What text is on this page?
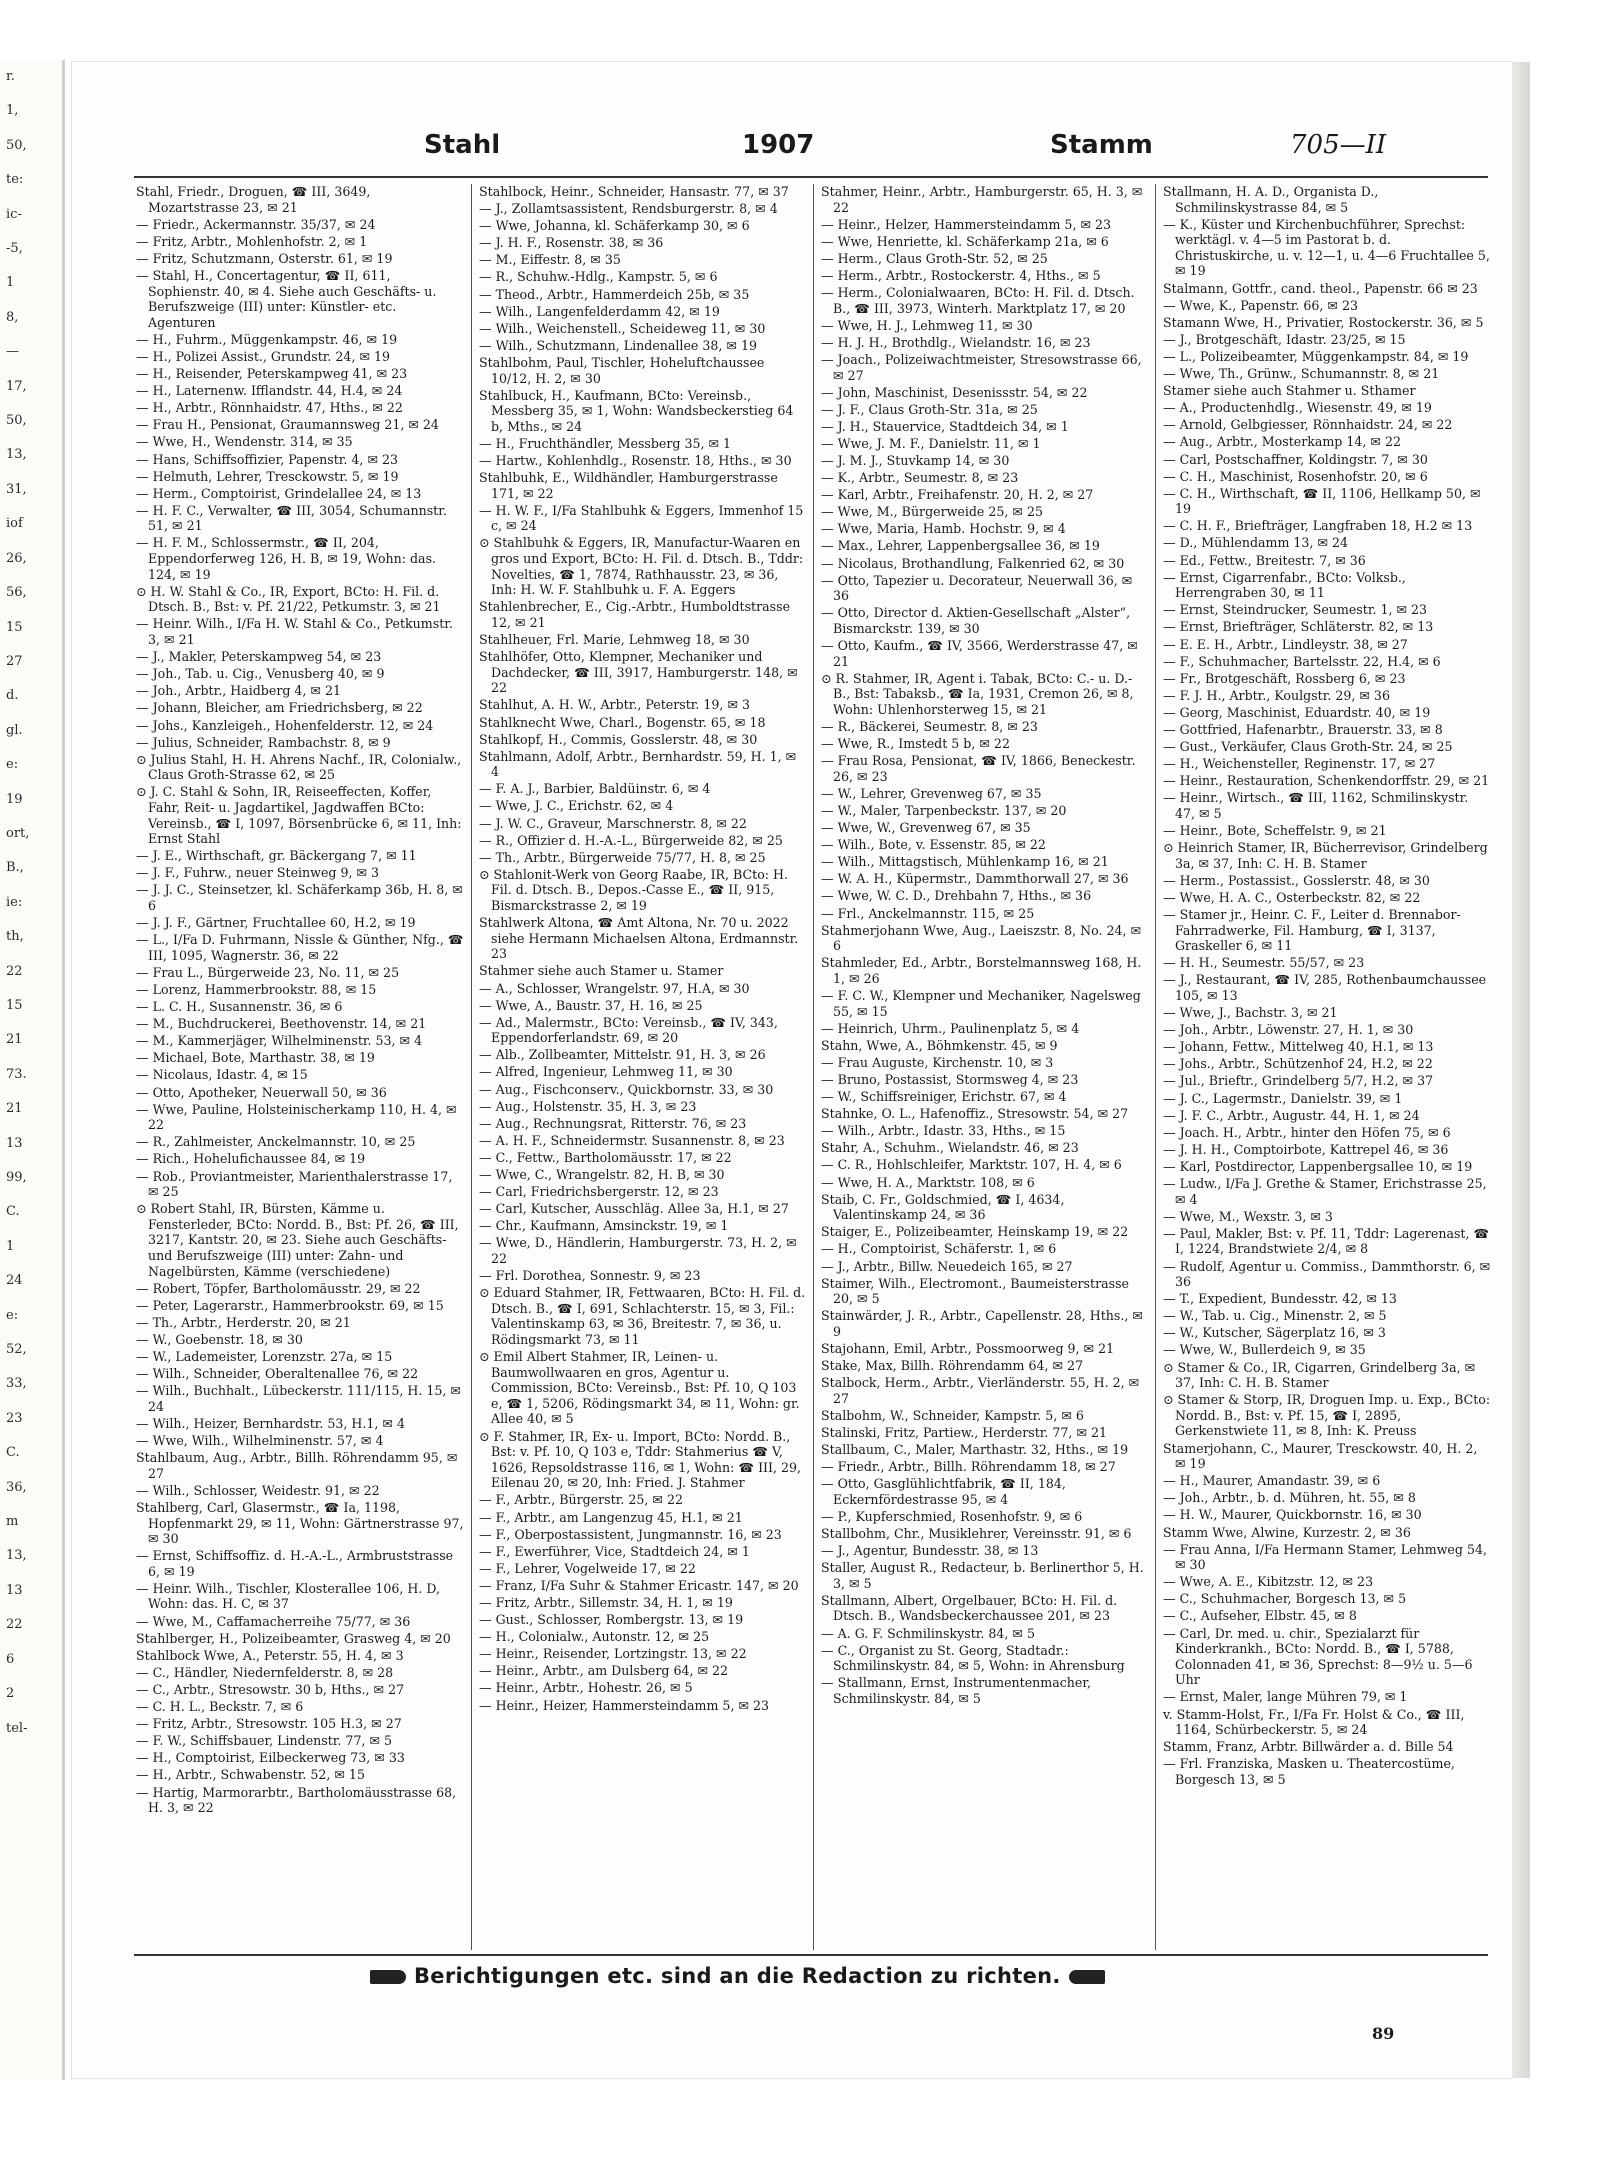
r.
1,
50,
te:
ic-
-5,
1
8,
—
17,
50,
13,
31,
iof
26,
56,
15
27
d.
gl.
e:
19
ort,
B.,
ie:
th,
22
15
21
73.
21
13
99,
C.
1
24
e:
52,
33,
23
C.
36,
m
13,
13
22
6
2
tel-
Stahl	1907	Stamm	705—II
Stahl, Friedr., Droguen, ☎ III, 3649, Mozartstrasse 23, ✉ 21
— Friedr., Ackermannstr. 35/37, ✉ 24
— Fritz, Arbtr., Mohlenhofstr. 2, ✉ 1
— Fritz, Schutzmann, Osterstr. 61, ✉ 19
— Stahl, H., Concertagentur, ☎ II, 611, Sophienstr. 40, ✉ 4. Siehe auch Geschäfts- u. Berufszweige (III) unter: Künstler- etc. Agenturen
— H., Fuhrm., Müggenkampstr. 46, ✉ 19
— H., Polizei Assist., Grundstr. 24, ✉ 19
— H., Reisender, Peterskampweg 41, ✉ 23
— H., Laternenw. Ifflandstr. 44, H.4, ✉ 24
— H., Arbtr., Rönnhaidstr. 47, Hths., ✉ 22
— Frau H., Pensionat, Graumannsweg 21, ✉ 24
— Wwe, H., Wendenstr. 314, ✉ 35
— Hans, Schiffsoffizier, Papenstr. 4, ✉ 23
— Helmuth, Lehrer, Tresckowstr. 5, ✉ 19
— Herm., Comptoirist, Grindelallee 24, ✉ 13
— H. F. C., Verwalter, ☎ III, 3054, Schumannstr. 51, ✉ 21
— H. F. M., Schlossermstr., ☎ II, 204, Eppendorferweg 126, H. B, ✉ 19, Wohn: das. 124, ✉ 19
⊙ H. W. Stahl & Co., IR, Export, BCto: H. Fil. d. Dtsch. B., Bst: v. Pf. 21/22, Petkumstr. 3, ✉ 21
— Heinr. Wilh., I/Fa H. W. Stahl & Co., Petkumstr. 3, ✉ 21
— J., Makler, Peterskampweg 54, ✉ 23
— Joh., Tab. u. Cig., Venusberg 40, ✉ 9
— Joh., Arbtr., Haidberg 4, ✉ 21
— Johann, Bleicher, am Friedrichsberg, ✉ 22
— Johs., Kanzleigeh., Hohenfelderstr. 12, ✉ 24
— Julius, Schneider, Rambachstr. 8, ✉ 9
⊙ Julius Stahl, H. H. Ahrens Nachf., IR, Colonialw., Claus Groth-Strasse 62, ✉ 25
⊙ J. C. Stahl & Sohn, IR, Reiseeffecten, Koffer, Fahr, Reit- u. Jagdartikel, Jagdwaffen BCto: Vereinsb., ☎ I, 1097, Börsenbrücke 6, ✉ 11, Inh: Ernst Stahl
— J. E., Wirthschaft, gr. Bäckergang 7, ✉ 11
— J. F., Fuhrw., neuer Steinweg 9, ✉ 3
— J. J. C., Steinsetzer, kl. Schäferkamp 36b, H. 8, ✉ 6
— J. J. F., Gärtner, Fruchtallee 60, H.2, ✉ 19
— L., I/Fa D. Fuhrmann, Nissle & Günther, Nfg., ☎ III, 1095, Wagnerstr. 36, ✉ 22
— Frau L., Bürgerweide 23, No. 11, ✉ 25
— Lorenz, Hammerbrookstr. 88, ✉ 15
— L. C. H., Susannenstr. 36, ✉ 6
— M., Buchdruckerei, Beethovenstr. 14, ✉ 21
— M., Kammerjäger, Wilhelminenstr. 53, ✉ 4
— Michael, Bote, Marthastr. 38, ✉ 19
— Nicolaus, Idastr. 4, ✉ 15
— Otto, Apotheker, Neuerwall 50, ✉ 36
— Wwe, Pauline, Holsteinischerkamp 110, H. 4, ✉ 22
— R., Zahlmeister, Anckelmannstr. 10, ✉ 25
— Rich., Hohelufichaussee 84, ✉ 19
— Rob., Proviantmeister, Marienthalerstrasse 17, ✉ 25
⊙ Robert Stahl, IR, Bürsten, Kämme u. Fensterleder, BCto: Nordd. B., Bst: Pf. 26, ☎ III, 3217, Kantstr. 20, ✉ 23. Siehe auch Geschäfts- und Berufszweige (III) unter: Zahn- und Nagelbürsten, Kämme (verschiedene)
— Robert, Töpfer, Bartholomäusstr. 29, ✉ 22
— Peter, Lagerarstr., Hammerbrookstr. 69, ✉ 15
— Th., Arbtr., Herderstr. 20, ✉ 21
— W., Goebenstr. 18, ✉ 30
— W., Lademeister, Lorenzstr. 27a, ✉ 15
— Wilh., Schneider, Oberaltenallee 76, ✉ 22
— Wilh., Buchhalt., Lübeckerstr. 111/115, H. 15, ✉ 24
— Wilh., Heizer, Bernhardstr. 53, H.1, ✉ 4
— Wwe, Wilh., Wilhelminenstr. 57, ✉ 4
Stahlbaum, Aug., Arbtr., Billh. Röhrendamm 95, ✉ 27
— Wilh., Schlosser, Weidestr. 91, ✉ 22
Stahlberg, Carl, Glasermstr., ☎ Ia, 1198, Hopfenmarkt 29, ✉ 11, Wohn: Gärtnerstrasse 97, ✉ 30
— Ernst, Schiffsoffiz. d. H.-A.-L., Armbruststrasse 6, ✉ 19
— Heinr. Wilh., Tischler, Klosterallee 106, H. D, Wohn: das. H. C, ✉ 37
— Wwe, M., Caffamacherreihe 75/77, ✉ 36
Stahlberger, H., Polizeibeamter, Grasweg 4, ✉ 20
Stahlbock Wwe, A., Peterstr. 55, H. 4, ✉ 3
— C., Händler, Niedernfelderstr. 8, ✉ 28
— C., Arbtr., Stresowstr. 30 b, Hths., ✉ 27
— C. H. L., Beckstr. 7, ✉ 6
— Fritz, Arbtr., Stresowstr. 105 H.3, ✉ 27
— F. W., Schiffsbauer, Lindenstr. 77, ✉ 5
— H., Comptoirist, Eilbeckerweg 73, ✉ 33
— H., Arbtr., Schwabenstr. 52, ✉ 15
— Hartig, Marmorarbtr., Bartholomäusstrasse 68, H. 3, ✉ 22
Stahlbock, Heinr., Schneider, Hansastr. 77, ✉ 37
— J., Zollamtsassistent, Rendsburgerstr. 8, ✉ 4
— Wwe, Johanna, kl. Schäferkamp 30, ✉ 6
— J. H. F., Rosenstr. 38, ✉ 36
— M., Eiffestr. 8, ✉ 35
— R., Schuhw.-Hdlg., Kampstr. 5, ✉ 6
— Theod., Arbtr., Hammerdeich 25b, ✉ 35
— Wilh., Langenfelderdamm 42, ✉ 19
— Wilh., Weichenstell., Scheideweg 11, ✉ 30
— Wilh., Schutzmann, Lindenallee 38, ✉ 19
Stahlbohm, Paul, Tischler, Hoheluftchaussee 10/12, H. 2, ✉ 30
Stahlbuck, H., Kaufmann, BCto: Vereinsb., Messberg 35, ✉ 1, Wohn: Wandsbeckerstieg 64 b, Mths., ✉ 24
— H., Fruchthändler, Messberg 35, ✉ 1
— Hartw., Kohlenhdlg., Rosenstr. 18, Hths., ✉ 30
Stahlbuhk, E., Wildhändler, Hamburgerstrasse 171, ✉ 22
— H. W. F., I/Fa Stahlbuhk & Eggers, Immenhof 15 c, ✉ 24
⊙ Stahlbuhk & Eggers, IR, Manufactur-Waaren en gros und Export, BCto: H. Fil. d. Dtsch. B., Tddr: Novelties, ☎ 1, 7874, Rathhausstr. 23, ✉ 36, Inh: H. W. F. Stahlbuhk u. F. A. Eggers
Stahlenbrecher, E., Cig.-Arbtr., Humboldtstrasse 12, ✉ 21
Stahlheuer, Frl. Marie, Lehmweg 18, ✉ 30
Stahlhöfer, Otto, Klempner, Mechaniker und Dachdecker, ☎ III, 3917, Hamburgerstr. 148, ✉ 22
Stahlhut, A. H. W., Arbtr., Peterstr. 19, ✉ 3
Stahlknecht Wwe, Charl., Bogenstr. 65, ✉ 18
Stahlkopf, H., Commis, Gosslerstr. 48, ✉ 30
Stahlmann, Adolf, Arbtr., Bernhardstr. 59, H. 1, ✉ 4
— F. A. J., Barbier, Baldüinstr. 6, ✉ 4
— Wwe, J. C., Erichstr. 62, ✉ 4
— J. W. C., Graveur, Marschnerstr. 8, ✉ 22
— R., Offizier d. H.-A.-L., Bürgerweide 82, ✉ 25
— Th., Arbtr., Bürgerweide 75/77, H. 8, ✉ 25
⊙ Stahlonit-Werk von Georg Raabe, IR, BCto: H. Fil. d. Dtsch. B., Depos.-Casse E., ☎ II, 915, Bismarckstrasse 2, ✉ 19
Stahlwerk Altona, ☎ Amt Altona, Nr. 70 u. 2022 siehe Hermann Michaelsen Altona, Erdmannstr. 23
Stahmer siehe auch Stamer u. Stamer
— A., Schlosser, Wrangelstr. 97, H.A, ✉ 30
— Wwe, A., Baustr. 37, H. 16, ✉ 25
— Ad., Malermstr., BCto: Vereinsb., ☎ IV, 343, Eppendorferlandstr. 69, ✉ 20
— Alb., Zollbeamter, Mittelstr. 91, H. 3, ✉ 26
— Alfred, Ingenieur, Lehmweg 11, ✉ 30
— Aug., Fischconserv., Quickbornstr. 33, ✉ 30
— Aug., Holstenstr. 35, H. 3, ✉ 23
— Aug., Rechnungsrat, Ritterstr. 76, ✉ 23
— A. H. F., Schneidermstr. Susannenstr. 8, ✉ 23
— C., Fettw., Bartholomäusstr. 17, ✉ 22
— Wwe, C., Wrangelstr. 82, H. B, ✉ 30
— Carl, Friedrichsbergerstr. 12, ✉ 23
— Carl, Kutscher, Ausschläg. Allee 3a, H.1, ✉ 27
— Chr., Kaufmann, Amsinckstr. 19, ✉ 1
— Wwe, D., Händlerin, Hamburgerstr. 73, H. 2, ✉ 22
— Frl. Dorothea, Sonnestr. 9, ✉ 23
⊙ Eduard Stahmer, IR, Fettwaaren, BCto: H. Fil. d. Dtsch. B., ☎ I, 691, Schlachterstr. 15, ✉ 3, Fil.: Valentinskamp 63, ✉ 36, Breitestr. 7, ✉ 36, u. Rödingsmarkt 73, ✉ 11
⊙ Emil Albert Stahmer, IR, Leinen- u. Baumwollwaaren en gros, Agentur u. Commission, BCto: Vereinsb., Bst: Pf. 10, Q 103 e, ☎ 1, 5206, Rödingsmarkt 34, ✉ 11, Wohn: gr. Allee 40, ✉ 5
⊙ F. Stahmer, IR, Ex- u. Import, BCto: Nordd. B., Bst: v. Pf. 10, Q 103 e, Tddr: Stahmerius ☎ V, 1626, Repsoldstrasse 116, ✉ 1, Wohn: ☎ III, 29, Eilenau 20, ✉ 20, Inh: Fried. J. Stahmer
— F., Arbtr., Bürgerstr. 25, ✉ 22
— F., Arbtr., am Langenzug 45, H.1, ✉ 21
— F., Oberpostassistent, Jungmannstr. 16, ✉ 23
— F., Ewerführer, Vice, Stadtdeich 24, ✉ 1
— F., Lehrer, Vogelweide 17, ✉ 22
— Franz, I/Fa Suhr & Stahmer Ericastr. 147, ✉ 20
— Fritz, Arbtr., Sillemstr. 34, H. 1, ✉ 19
— Gust., Schlosser, Rombergstr. 13, ✉ 19
— H., Colonialw., Autonstr. 12, ✉ 25
— Heinr., Reisender, Lortzingstr. 13, ✉ 22
— Heinr., Arbtr., am Dulsberg 64, ✉ 22
— Heinr., Arbtr., Hohestr. 26, ✉ 5
— Heinr., Heizer, Hammersteindamm 5, ✉ 23
Stahmer, Heinr., Arbtr., Hamburgerstr. 65, H. 3, ✉ 22
— Heinr., Helzer, Hammersteindamm 5, ✉ 23
— Wwe, Henriette, kl. Schäferkamp 21a, ✉ 6
— Herm., Claus Groth-Str. 52, ✉ 25
— Herm., Arbtr., Rostockerstr. 4, Hths., ✉ 5
— Herm., Colonialwaaren, BCto: H. Fil. d. Dtsch. B., ☎ III, 3973, Winterh. Marktplatz 17, ✉ 20
— Wwe, H. J., Lehmweg 11, ✉ 30
— H. J. H., Brothdlg., Wielandstr. 16, ✉ 23
— Joach., Polizeiwachtmeister, Stresowstrasse 66, ✉ 27
— John, Maschinist, Desenissstr. 54, ✉ 22
— J. F., Claus Groth-Str. 31a, ✉ 25
— J. H., Stauervice, Stadtdeich 34, ✉ 1
— Wwe, J. M. F., Danielstr. 11, ✉ 1
— J. M. J., Stuvkamp 14, ✉ 30
— K., Arbtr., Seumestr. 8, ✉ 23
— Karl, Arbtr., Freihafenstr. 20, H. 2, ✉ 27
— Wwe, M., Bürgerweide 25, ✉ 25
— Wwe, Maria, Hamb. Hochstr. 9, ✉ 4
— Max., Lehrer, Lappenbergsallee 36, ✉ 19
— Nicolaus, Brothandlung, Falkenried 62, ✉ 30
— Otto, Tapezier u. Decorateur, Neuerwall 36, ✉ 36
— Otto, Director d. Aktien-Gesellschaft „Alster“, Bismarckstr. 139, ✉ 30
— Otto, Kaufm., ☎ IV, 3566, Werderstrasse 47, ✉ 21
⊙ R. Stahmer, IR, Agent i. Tabak, BCto: C.- u. D.-B., Bst: Tabaksb., ☎ Ia, 1931, Cremon 26, ✉ 8, Wohn: Uhlenhorsterweg 15, ✉ 21
— R., Bäckerei, Seumestr. 8, ✉ 23
— Wwe, R., Imstedt 5 b, ✉ 22
— Frau Rosa, Pensionat, ☎ IV, 1866, Beneckestr. 26, ✉ 23
— W., Lehrer, Grevenweg 67, ✉ 35
— W., Maler, Tarpenbeckstr. 137, ✉ 20
— Wwe, W., Grevenweg 67, ✉ 35
— Wilh., Bote, v. Essenstr. 85, ✉ 22
— Wilh., Mittagstisch, Mühlenkamp 16, ✉ 21
— W. A. H., Küpermstr., Dammthorwall 27, ✉ 36
— Wwe, W. C. D., Drehbahn 7, Hths., ✉ 36
— Frl., Anckelmannstr. 115, ✉ 25
Stahmerjohann Wwe, Aug., Laeiszstr. 8, No. 24, ✉ 6
Stahmleder, Ed., Arbtr., Borstelmannsweg 168, H. 1, ✉ 26
— F. C. W., Klempner und Mechaniker, Nagelsweg 55, ✉ 15
— Heinrich, Uhrm., Paulinenplatz 5, ✉ 4
Stahn, Wwe, A., Böhmkenstr. 45, ✉ 9
— Frau Auguste, Kirchenstr. 10, ✉ 3
— Bruno, Postassist, Stormsweg 4, ✉ 23
— W., Schiffsreiniger, Erichstr. 67, ✉ 4
Stahnke, O. L., Hafenoffiz., Stresowstr. 54, ✉ 27
— Wilh., Arbtr., Idastr. 33, Hths., ✉ 15
Stahr, A., Schuhm., Wielandstr. 46, ✉ 23
— C. R., Hohlschleifer, Marktstr. 107, H. 4, ✉ 6
— Wwe, H. A., Marktstr. 108, ✉ 6
Staib, C. Fr., Goldschmied, ☎ I, 4634, Valentinskamp 24, ✉ 36
Staiger, E., Polizeibeamter, Heinskamp 19, ✉ 22
— H., Comptoirist, Schäferstr. 1, ✉ 6
— J., Arbtr., Billw. Neuedeich 165, ✉ 27
Staimer, Wilh., Electromont., Baumeisterstrasse 20, ✉ 5
Stainwärder, J. R., Arbtr., Capellenstr. 28, Hths., ✉ 9
Stajohann, Emil, Arbtr., Possmoorweg 9, ✉ 21
Stake, Max, Billh. Röhrendamm 64, ✉ 27
Stalbock, Herm., Arbtr., Vierländerstr. 55, H. 2, ✉ 27
Stalbohm, W., Schneider, Kampstr. 5, ✉ 6
Stalinski, Fritz, Partiew., Herderstr. 77, ✉ 21
Stallbaum, C., Maler, Marthastr. 32, Hths., ✉ 19
— Friedr., Arbtr., Billh. Röhrendamm 18, ✉ 27
— Otto, Gasglühlichtfabrik, ☎ II, 184, Eckernfördestrasse 95, ✉ 4
— P., Kupferschmied, Rosenhofstr. 9, ✉ 6
Stallbohm, Chr., Musiklehrer, Vereinsstr. 91, ✉ 6
— J., Agentur, Bundesstr. 38, ✉ 13
Staller, August R., Redacteur, b. Berlinerthor 5, H. 3, ✉ 5
Stallmann, Albert, Orgelbauer, BCto: H. Fil. d. Dtsch. B., Wandsbeckerchaussee 201, ✉ 23
— A. G. F. Schmilinskystr. 84, ✉ 5
— C., Organist zu St. Georg, Stadtadr.: Schmilinskystr. 84, ✉ 5, Wohn: in Ahrensburg
— Stallmann, Ernst, Instrumentenmacher, Schmilinskystr. 84, ✉ 5
Stallmann, H. A. D., Organista D., Schmilinskystrasse 84, ✉ 5
— K., Küster und Kirchenbuchführer, Sprechst: werktägl. v. 4—5 im Pastorat b. d. Christuskirche, u. v. 12—1, u. 4—6 Fruchtallee 5, ✉ 19
Stalmann, Gottfr., cand. theol., Papenstr. 66 ✉ 23
— Wwe, K., Papenstr. 66, ✉ 23
Stamann Wwe, H., Privatier, Rostockerstr. 36, ✉ 5
— J., Brotgeschäft, Idastr. 23/25, ✉ 15
— L., Polizeibeamter, Müggenkampstr. 84, ✉ 19
— Wwe, Th., Grünw., Schumannstr. 8, ✉ 21
Stamer siehe auch Stahmer u. Sthamer
— A., Productenhdlg., Wiesenstr. 49, ✉ 19
— Arnold, Gelbgiesser, Rönnhaidstr. 24, ✉ 22
— Aug., Arbtr., Mosterkamp 14, ✉ 22
— Carl, Postschaffner, Koldingstr. 7, ✉ 30
— C. H., Maschinist, Rosenhofstr. 20, ✉ 6
— C. H., Wirthschaft, ☎ II, 1106, Hellkamp 50, ✉ 19
— C. H. F., Briefträger, Langfraben 18, H.2 ✉ 13
— D., Mühlendamm 13, ✉ 24
— Ed., Fettw., Breitestr. 7, ✉ 36
— Ernst, Cigarrenfabr., BCto: Volksb., Herrengraben 30, ✉ 11
— Ernst, Steindrucker, Seumestr. 1, ✉ 23
— Ernst, Briefträger, Schläterstr. 82, ✉ 13
— E. E. H., Arbtr., Lindleystr. 38, ✉ 27
— F., Schuhmacher, Bartelsstr. 22, H.4, ✉ 6
— Fr., Brotgeschäft, Rossberg 6, ✉ 23
— F. J. H., Arbtr., Koulgstr. 29, ✉ 36
— Georg, Maschinist, Eduardstr. 40, ✉ 19
— Gottfried, Hafenarbtr., Brauerstr. 33, ✉ 8
— Gust., Verkäufer, Claus Groth-Str. 24, ✉ 25
— H., Weichensteller, Reginenstr. 17, ✉ 27
— Heinr., Restauration, Schenkendorffstr. 29, ✉ 21
— Heinr., Wirtsch., ☎ III, 1162, Schmilinskystr. 47, ✉ 5
— Heinr., Bote, Scheffelstr. 9, ✉ 21
⊙ Heinrich Stamer, IR, Bücherrevisor, Grindelberg 3a, ✉ 37, Inh: C. H. B. Stamer
— Herm., Postassist., Gosslerstr. 48, ✉ 30
— Wwe, H. A. C., Osterbeckstr. 82, ✉ 22
— Stamer jr., Heinr. C. F., Leiter d. Brennabor-Fahrradwerke, Fil. Hamburg, ☎ I, 3137, Graskeller 6, ✉ 11
— H. H., Seumestr. 55/57, ✉ 23
— J., Restaurant, ☎ IV, 285, Rothenbaumchaussee 105, ✉ 13
— Wwe, J., Bachstr. 3, ✉ 21
— Joh., Arbtr., Löwenstr. 27, H. 1, ✉ 30
— Johann, Fettw., Mittelweg 40, H.1, ✉ 13
— Johs., Arbtr., Schützenhof 24, H.2, ✉ 22
— Jul., Brieftr., Grindelberg 5/7, H.2, ✉ 37
— J. C., Lagermstr., Danielstr. 39, ✉ 1
— J. F. C., Arbtr., Augustr. 44, H. 1, ✉ 24
— Joach. H., Arbtr., hinter den Höfen 75, ✉ 6
— J. H. H., Comptoirbote, Kattrepel 46, ✉ 36
— Karl, Postdirector, Lappenbergsallee 10, ✉ 19
— Ludw., I/Fa J. Grethe & Stamer, Erichstrasse 25, ✉ 4
— Wwe, M., Wexstr. 3, ✉ 3
— Paul, Makler, Bst: v. Pf. 11, Tddr: Lagerenast, ☎ I, 1224, Brandstwiete 2/4, ✉ 8
— Rudolf, Agentur u. Commiss., Dammthorstr. 6, ✉ 36
— T., Expedient, Bundesstr. 42, ✉ 13
— W., Tab. u. Cig., Minenstr. 2, ✉ 5
— W., Kutscher, Sägerplatz 16, ✉ 3
— Wwe, W., Bullerdeich 9, ✉ 35
⊙ Stamer & Co., IR, Cigarren, Grindelberg 3a, ✉ 37, Inh: C. H. B. Stamer
⊙ Stamer & Storp, IR, Droguen Imp. u. Exp., BCto: Nordd. B., Bst: v. Pf. 15, ☎ I, 2895, Gerkenstwiete 11, ✉ 8, Inh: K. Preuss
Stamerjohann, C., Maurer, Tresckowstr. 40, H. 2, ✉ 19
— H., Maurer, Amandastr. 39, ✉ 6
— Joh., Arbtr., b. d. Mühren, ht. 55, ✉ 8
— H. W., Maurer, Quickbornstr. 16, ✉ 30
Stamm Wwe, Alwine, Kurzestr. 2, ✉ 36
— Frau Anna, I/Fa Hermann Stamer, Lehmweg 54, ✉ 30
— Wwe, A. E., Kibitzstr. 12, ✉ 23
— C., Schuhmacher, Borgesch 13, ✉ 5
— C., Aufseher, Elbstr. 45, ✉ 8
— Carl, Dr. med. u. chir., Spezialarzt für Kinderkrankh., BCto: Nordd. B., ☎ I, 5788, Colonnaden 41, ✉ 36, Sprechst: 8—9½ u. 5—6 Uhr
— Ernst, Maler, lange Mühren 79, ✉ 1
v. Stamm-Holst, Fr., I/Fa Fr. Holst & Co., ☎ III, 1164, Schürbeckerstr. 5, ✉ 24
Stamm, Franz, Arbtr. Billwärder a. d. Bille 54
— Frl. Franziska, Masken u. Theatercostüme, Borgesch 13, ✉ 5
Berichtigungen etc. sind an die Redaction zu richten.
89
